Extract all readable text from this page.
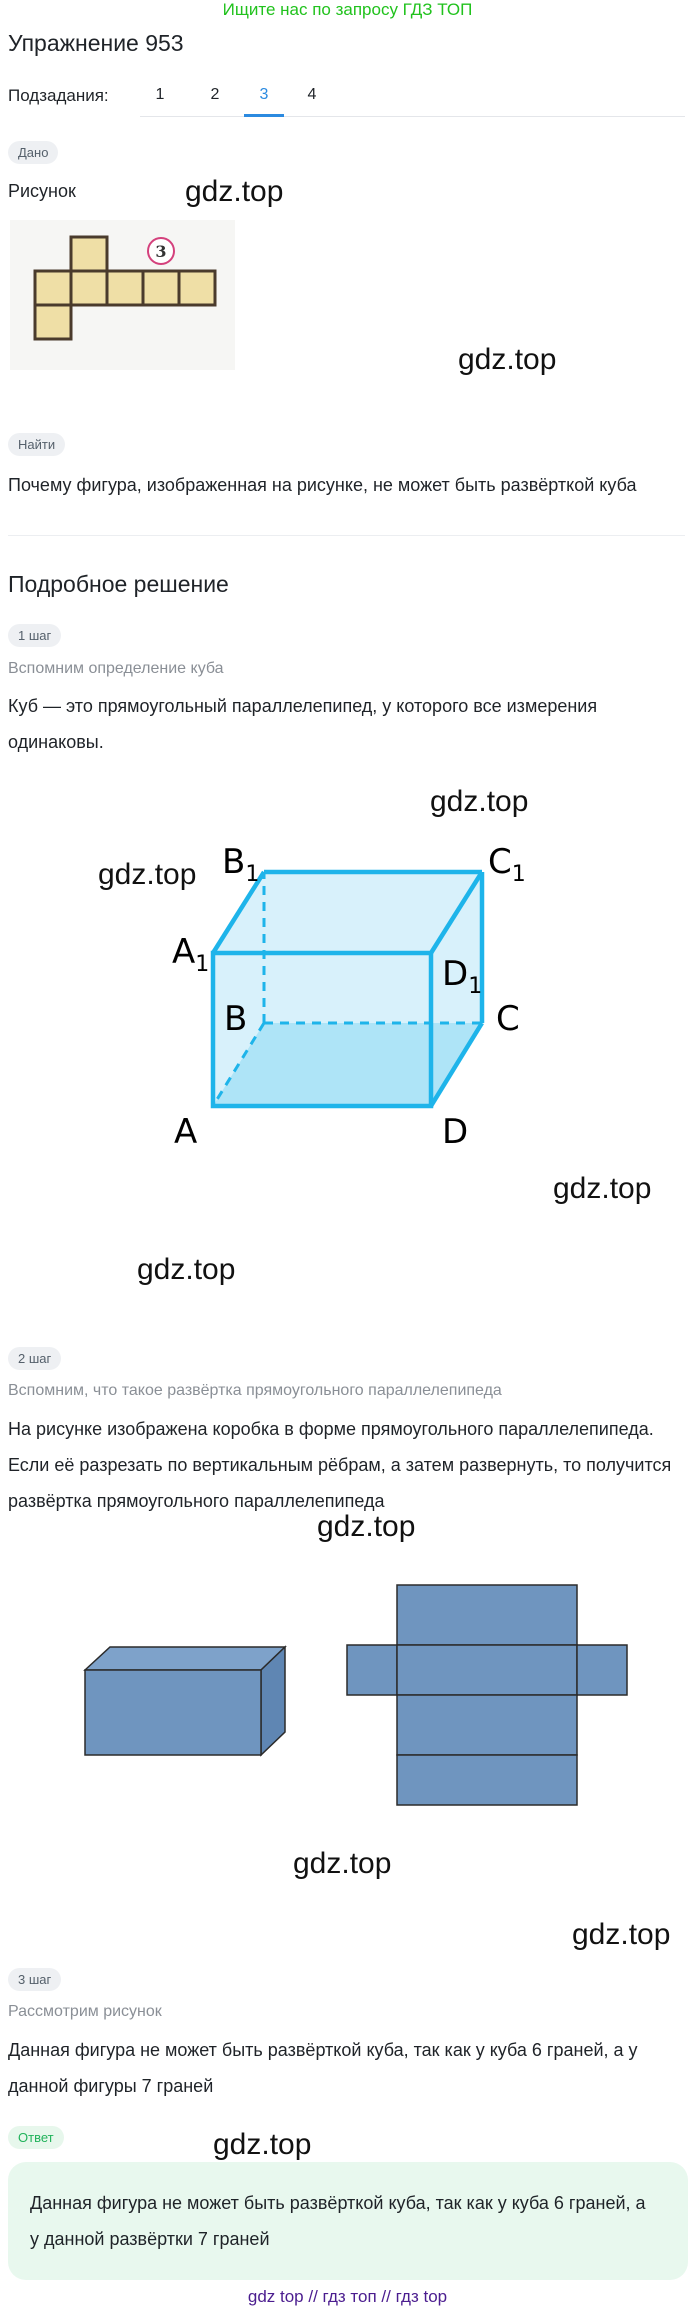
Ищите нас по запросу ГДЗ ТОП
Упражнение 953
Подзадания:	1	2	3	4
Дано
Рисунок
3
gdz.top
gdz.top
Найти
Почему фигура, изображенная на рисунке, не может быть развёрткой куба
Подробное решение
1 шаг
Вспомним определение куба
Куб — это прямоугольный параллелепипед, у которого все измерения
одинаковы.
$A_1$
$B_1$	$C_1$
$D_1$
B	C
A	D
gdz.top
gdz.top
gdz.top
gdz.top
2 шаг
Вспомним, что такое развёртка прямоугольного параллелепипеда
На рисунке изображена коробка в форме прямоугольного параллелепипеда.
Если её разрезать по вертикальным рёбрам, а затем развернуть, то получится
развёртка прямоугольного параллелепипеда
gdz.top
gdz.top
gdz.top
3 шаг
Рассмотрим рисунок
Данная фигура не может быть развёрткой куба, так как у куба 6 граней, а у
данной фигуры 7 граней
Ответ	gdz.top
Данная фигура не может быть развёрткой куба, так как у куба 6 граней, а
у данной развёртки 7 граней
gdz top // гдз топ // гдз top
